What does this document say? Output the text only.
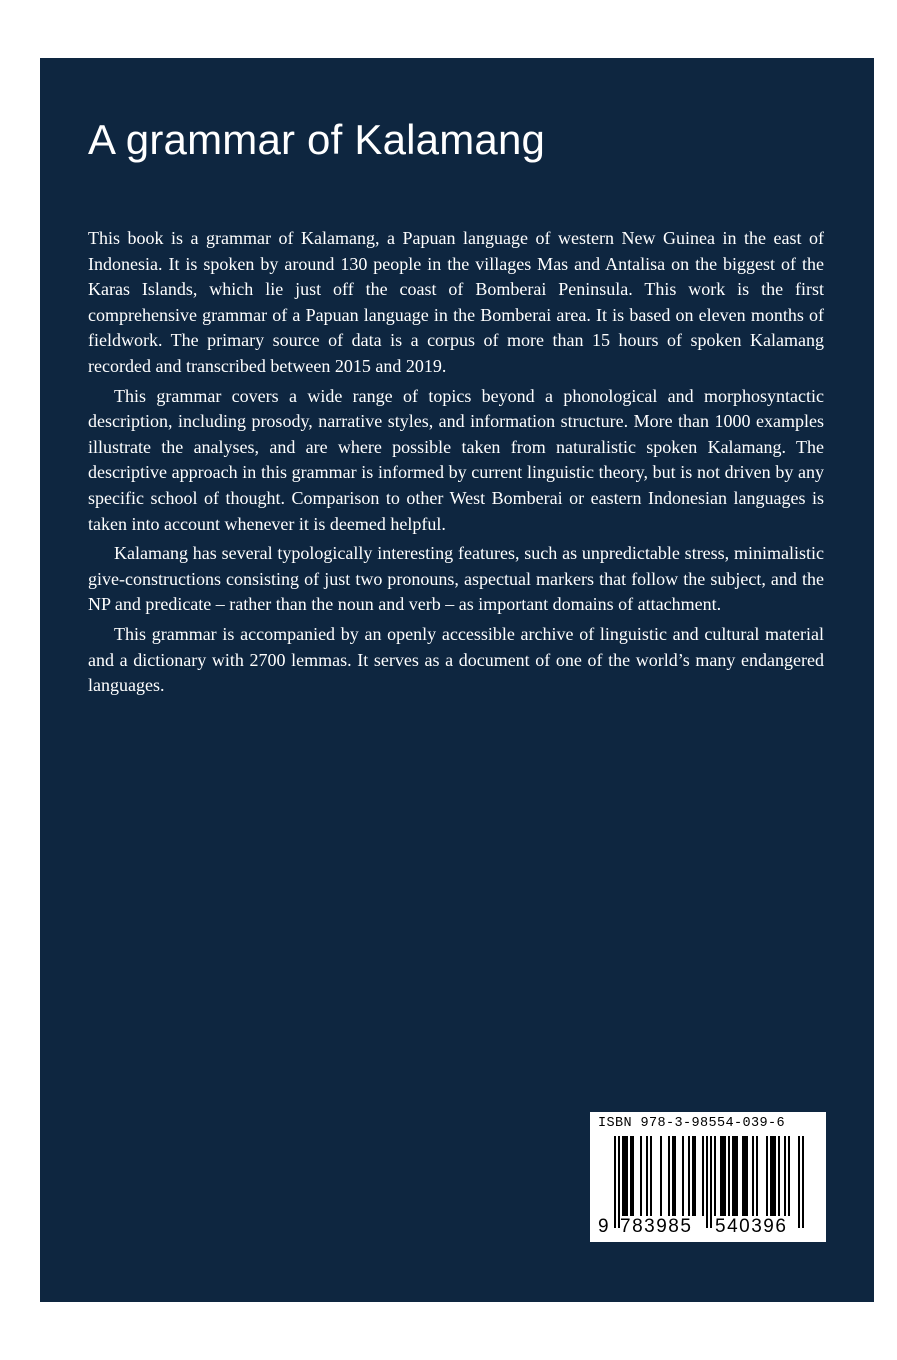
A grammar of Kalamang

This book is a grammar of Kalamang, a Papuan language of western New Guinea in the east of Indonesia. It is spoken by around 130 people in the villages Mas and Antalisa on the biggest of the Karas Islands, which lie just off the coast of Bomberai Peninsula. This work is the first comprehensive grammar of a Papuan language in the Bomberai area. It is based on eleven months of fieldwork. The primary source of data is a corpus of more than 15 hours of spoken Kalamang recorded and transcribed between 2015 and 2019.

This grammar covers a wide range of topics beyond a phonological and morphosyntactic description, including prosody, narrative styles, and information structure. More than 1000 examples illustrate the analyses, and are where possible taken from naturalistic spoken Kalamang. The descriptive approach in this grammar is informed by current linguistic theory, but is not driven by any specific school of thought. Comparison to other West Bomberai or eastern Indonesian languages is taken into account whenever it is deemed helpful.

Kalamang has several typologically interesting features, such as unpredictable stress, minimalistic give-constructions consisting of just two pronouns, aspectual markers that follow the subject, and the NP and predicate – rather than the noun and verb – as important domains of attachment.

This grammar is accompanied by an openly accessible archive of linguistic and cultural material and a dictionary with 2700 lemmas. It serves as a document of one of the world’s many endangered languages.

ISBN 978-3-98554-039-6
9 783985 540396
